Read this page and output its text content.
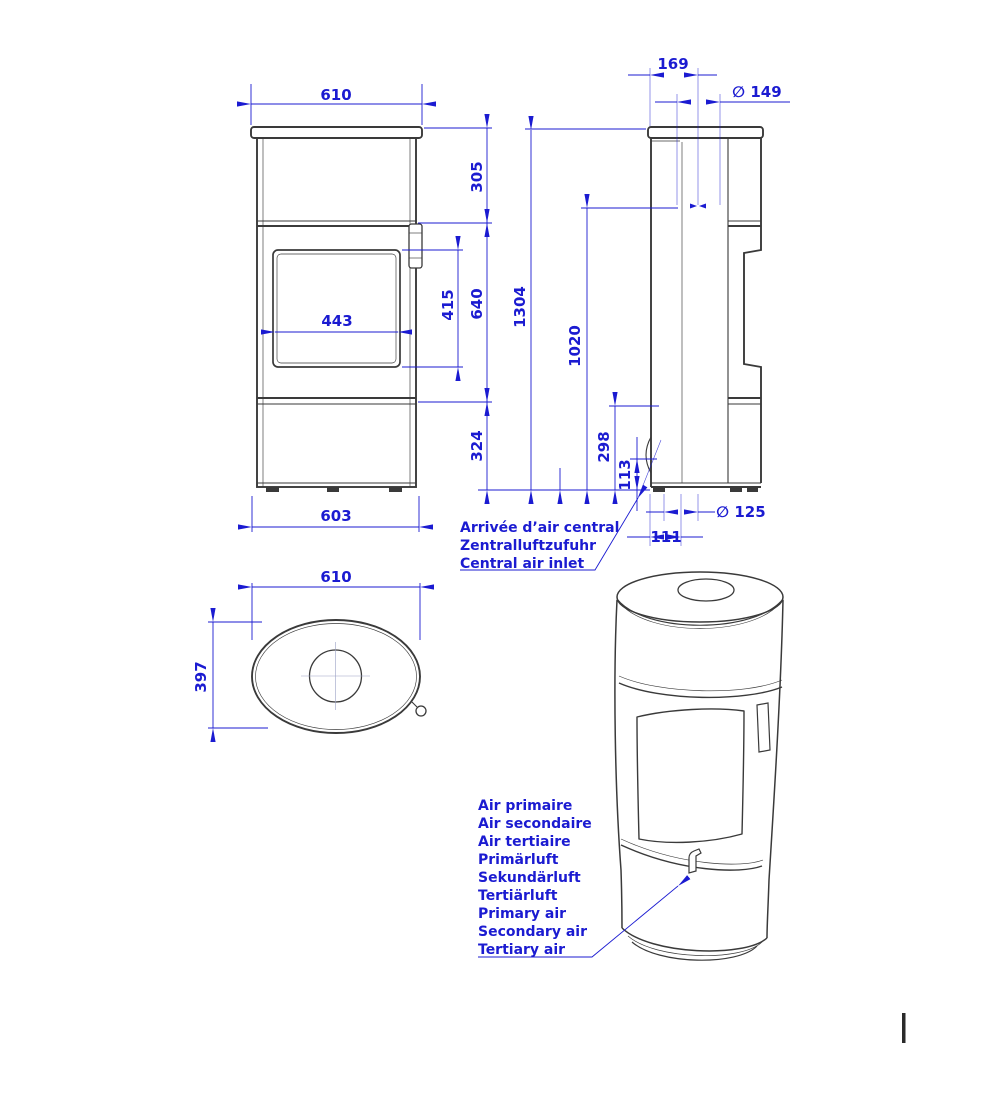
610
305
443
415 640
324
603
169
∅ 149
1304
1020
298
113
∅ 125
111
610
397
Arrivée d’air central
Zentralluftzufuhr
Central air inlet
Air primaire
Air secondaire
Air tertiaire
Primärluft
Sekundärluft
Tertiärluft
Primary air
Secondary air
Tertiary air
